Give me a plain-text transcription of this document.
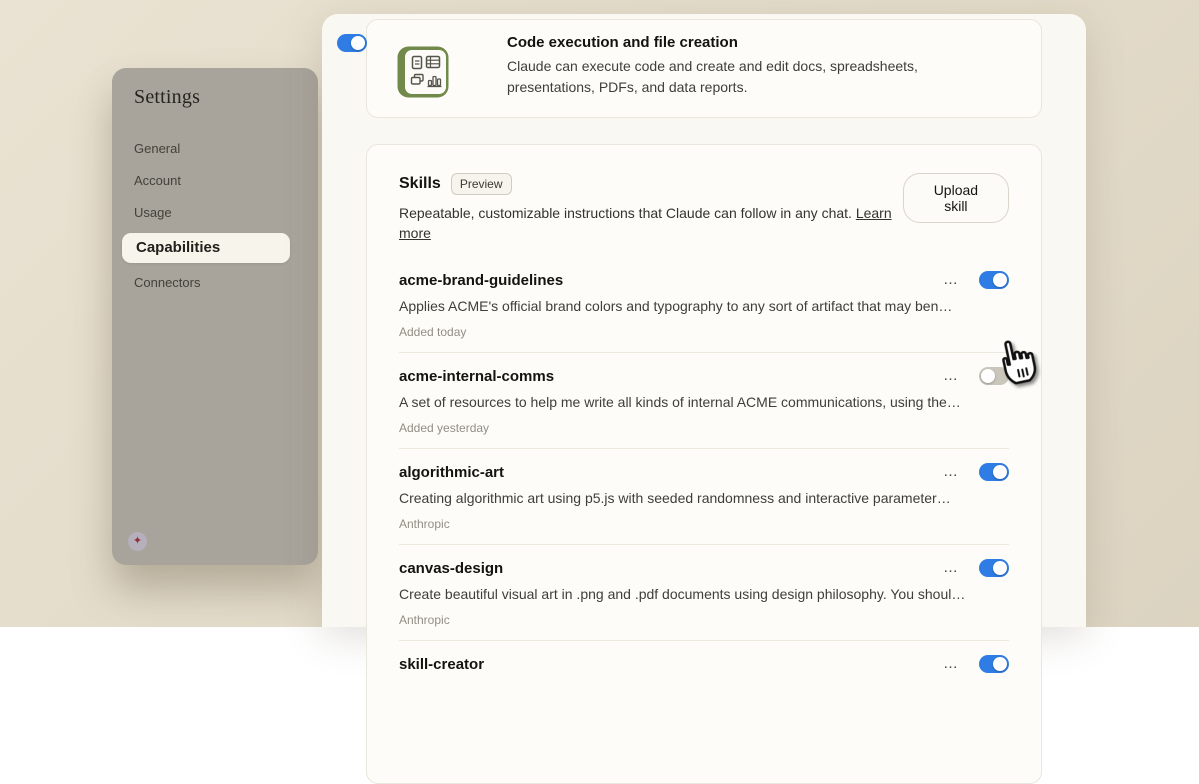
Settings
General
Account
Usage
Capabilities
Connectors
✦
Code execution and file creation
Claude can execute code and create and edit docs, spreadsheets, presentations, PDFs, and data reports.
Skills	Preview
Repeatable, customizable instructions that Claude can follow in any chat. Learn more
Upload skill
acme-brand-guidelines
Applies ACME's official brand colors and typography to any sort of artifact that may ben…
Added today
…
acme-internal-comms
A set of resources to help me write all kinds of internal ACME communications, using the…
Added yesterday
…
algorithmic-art
Creating algorithmic art using p5.js with seeded randomness and interactive parameter…
Anthropic
…
canvas-design
Create beautiful visual art in .png and .pdf documents using design philosophy. You shoul…
Anthropic
…
skill-creator	…
